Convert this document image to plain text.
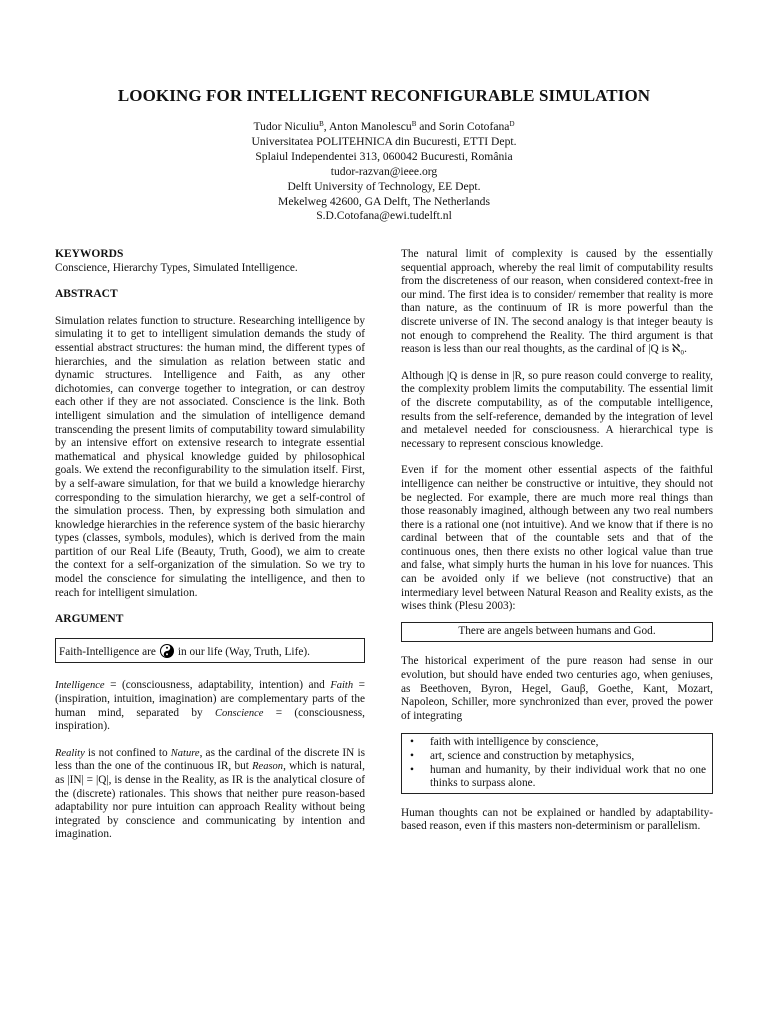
LOOKING FOR INTELLIGENT RECONFIGURABLE SIMULATION
Tudor Niculiu$^B$, Anton Manolescu$^B$ and Sorin Cotofana$^D$
Universitatea POLITEHNICA din Bucuresti, ETTI Dept.
Splaiul Independentei 313, 060042 Bucuresti, România
tudor-razvan@ieee.org
Delft University of Technology, EE Dept.
Mekelweg 42600, GA Delft, The Netherlands
S.D.Cotofana@ewi.tudelft.nl

KEYWORDS

Conscience, Hierarchy Types, Simulated Intelligence.

ABSTRACT

Simulation relates function to structure. Researching intelligence by simulating it to get to intelligent simulation demands the study of essential abstract structures: the human mind, the different types of hierarchies, and the simulation as relation between static and dynamic structures. Intelligence and Faith, as any other dichotomies, can converge together to integration, or can destroy each other if they are not associated. Conscience is the link. Both intelligent simulation and the simulation of intelligence demand transcending the present limits of computability toward simulability by an intensive effort on extensive research to integrate essential mathematical and physical knowledge guided by philosophical goals. We extend the reconfigurability to the simulation itself. First, by a self-aware simulation, for that we build a knowledge hierarchy corresponding to the simulation hierarchy, we get a self-control of the simulation process. Then, by expressing both simulation and knowledge hierarchies in the reference system of the basic hierarchy types (classes, symbols, modules), which is derived from the main partition of our Real Life (Beauty, Truth, Good), we aim to create the context for a self-organization of the simulation. So we try to model the conscience for simulating the intelligence, and then to reach for intelligent simulation.

ARGUMENT

Faith-Intelligence are in our life (Way, Truth, Life).

Intelligence = (consciousness, adaptability, intention) and Faith = (inspiration, intuition, imagination) are complementary parts of the human mind, separated by Conscience = (consciousness, inspiration).

Reality is not confined to Nature, as the cardinal of the discrete IN is less than the one of the continuous IR, but Reason, which is natural, as |IN| = |Q|, is dense in the Reality, as IR is the analytical closure of the (discrete) rationales. This shows that neither pure reason-based adaptability nor pure intuition can approach Reality without being integrated by conscience and communicating by intention and imagination.

The natural limit of complexity is caused by the essentially sequential approach, whereby the real limit of computability results from the discreteness of our reason, when considered context-free in our mind. The first idea is to consider/ remember that reality is more than nature, as the continuum of IR is more powerful than the discrete universe of IN. The second analogy is that integer beauty is not enough to comprehend the Reality. The third argument is that reason is less than our real thoughts, as the cardinal of |Q is ℵ₀.

Although |Q is dense in |R, so pure reason could converge to reality, the complexity problem limits the computability. The essential limit of the discrete computability, as of the computable intelligence, results from the self-reference, demanded by the integration of level and metalevel needed for consciousness. A hierarchical type is necessary to represent conscious knowledge.

Even if for the moment other essential aspects of the faithful intelligence can neither be constructive or intuitive, they should not be neglected. For example, there are much more real things than those reasonably imagined, although between any two real numbers there is a rational one (not intuitive). And we know that if there is no cardinal between that of the countable sets and that of the continuous ones, then there exists no other logical value than true and false, what simply hurts the human in his love for nuances. This can be avoided only if we believe (not constructive) that an intermediary level between Natural Reason and Reality exists, as the wises think (Plesu 2003):

There are angels between humans and God.

The historical experiment of the pure reason had sense in our evolution, but should have ended two centuries ago, when geniuses, as Beethoven, Byron, Hegel, Gauβ, Goethe, Kant, Mozart, Napoleon, Schiller, more synchronized than ever, proved the power of integrating

• faith with intelligence by conscience,
• art, science and construction by metaphysics,
• human and humanity, by their individual work that no one thinks to surpass alone.

Human thoughts can not be explained or handled by adaptability-based reason, even if this masters non-determinism or parallelism.
